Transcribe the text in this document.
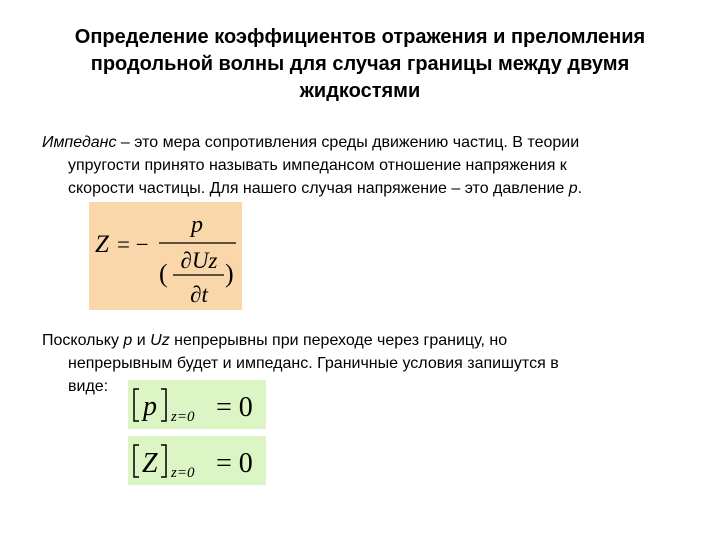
Определение коэффициентов отражения и преломления
продольной волны для случая границы между двумя
жидкостями
Импеданс – это мера сопротивления среды движению частиц. В теории
упругости принято называть импедансом отношение напряжения к
скорости частицы. Для нашего случая напряжение – это давление p.
Z = −
p
( ∂Uz
∂t
)
Поскольку p и Uz непрерывны при переходе через границу, но
непрерывным будет и импеданс. Граничные условия запишутся в
виде:
p z=0 = 0
Z z=0 = 0
